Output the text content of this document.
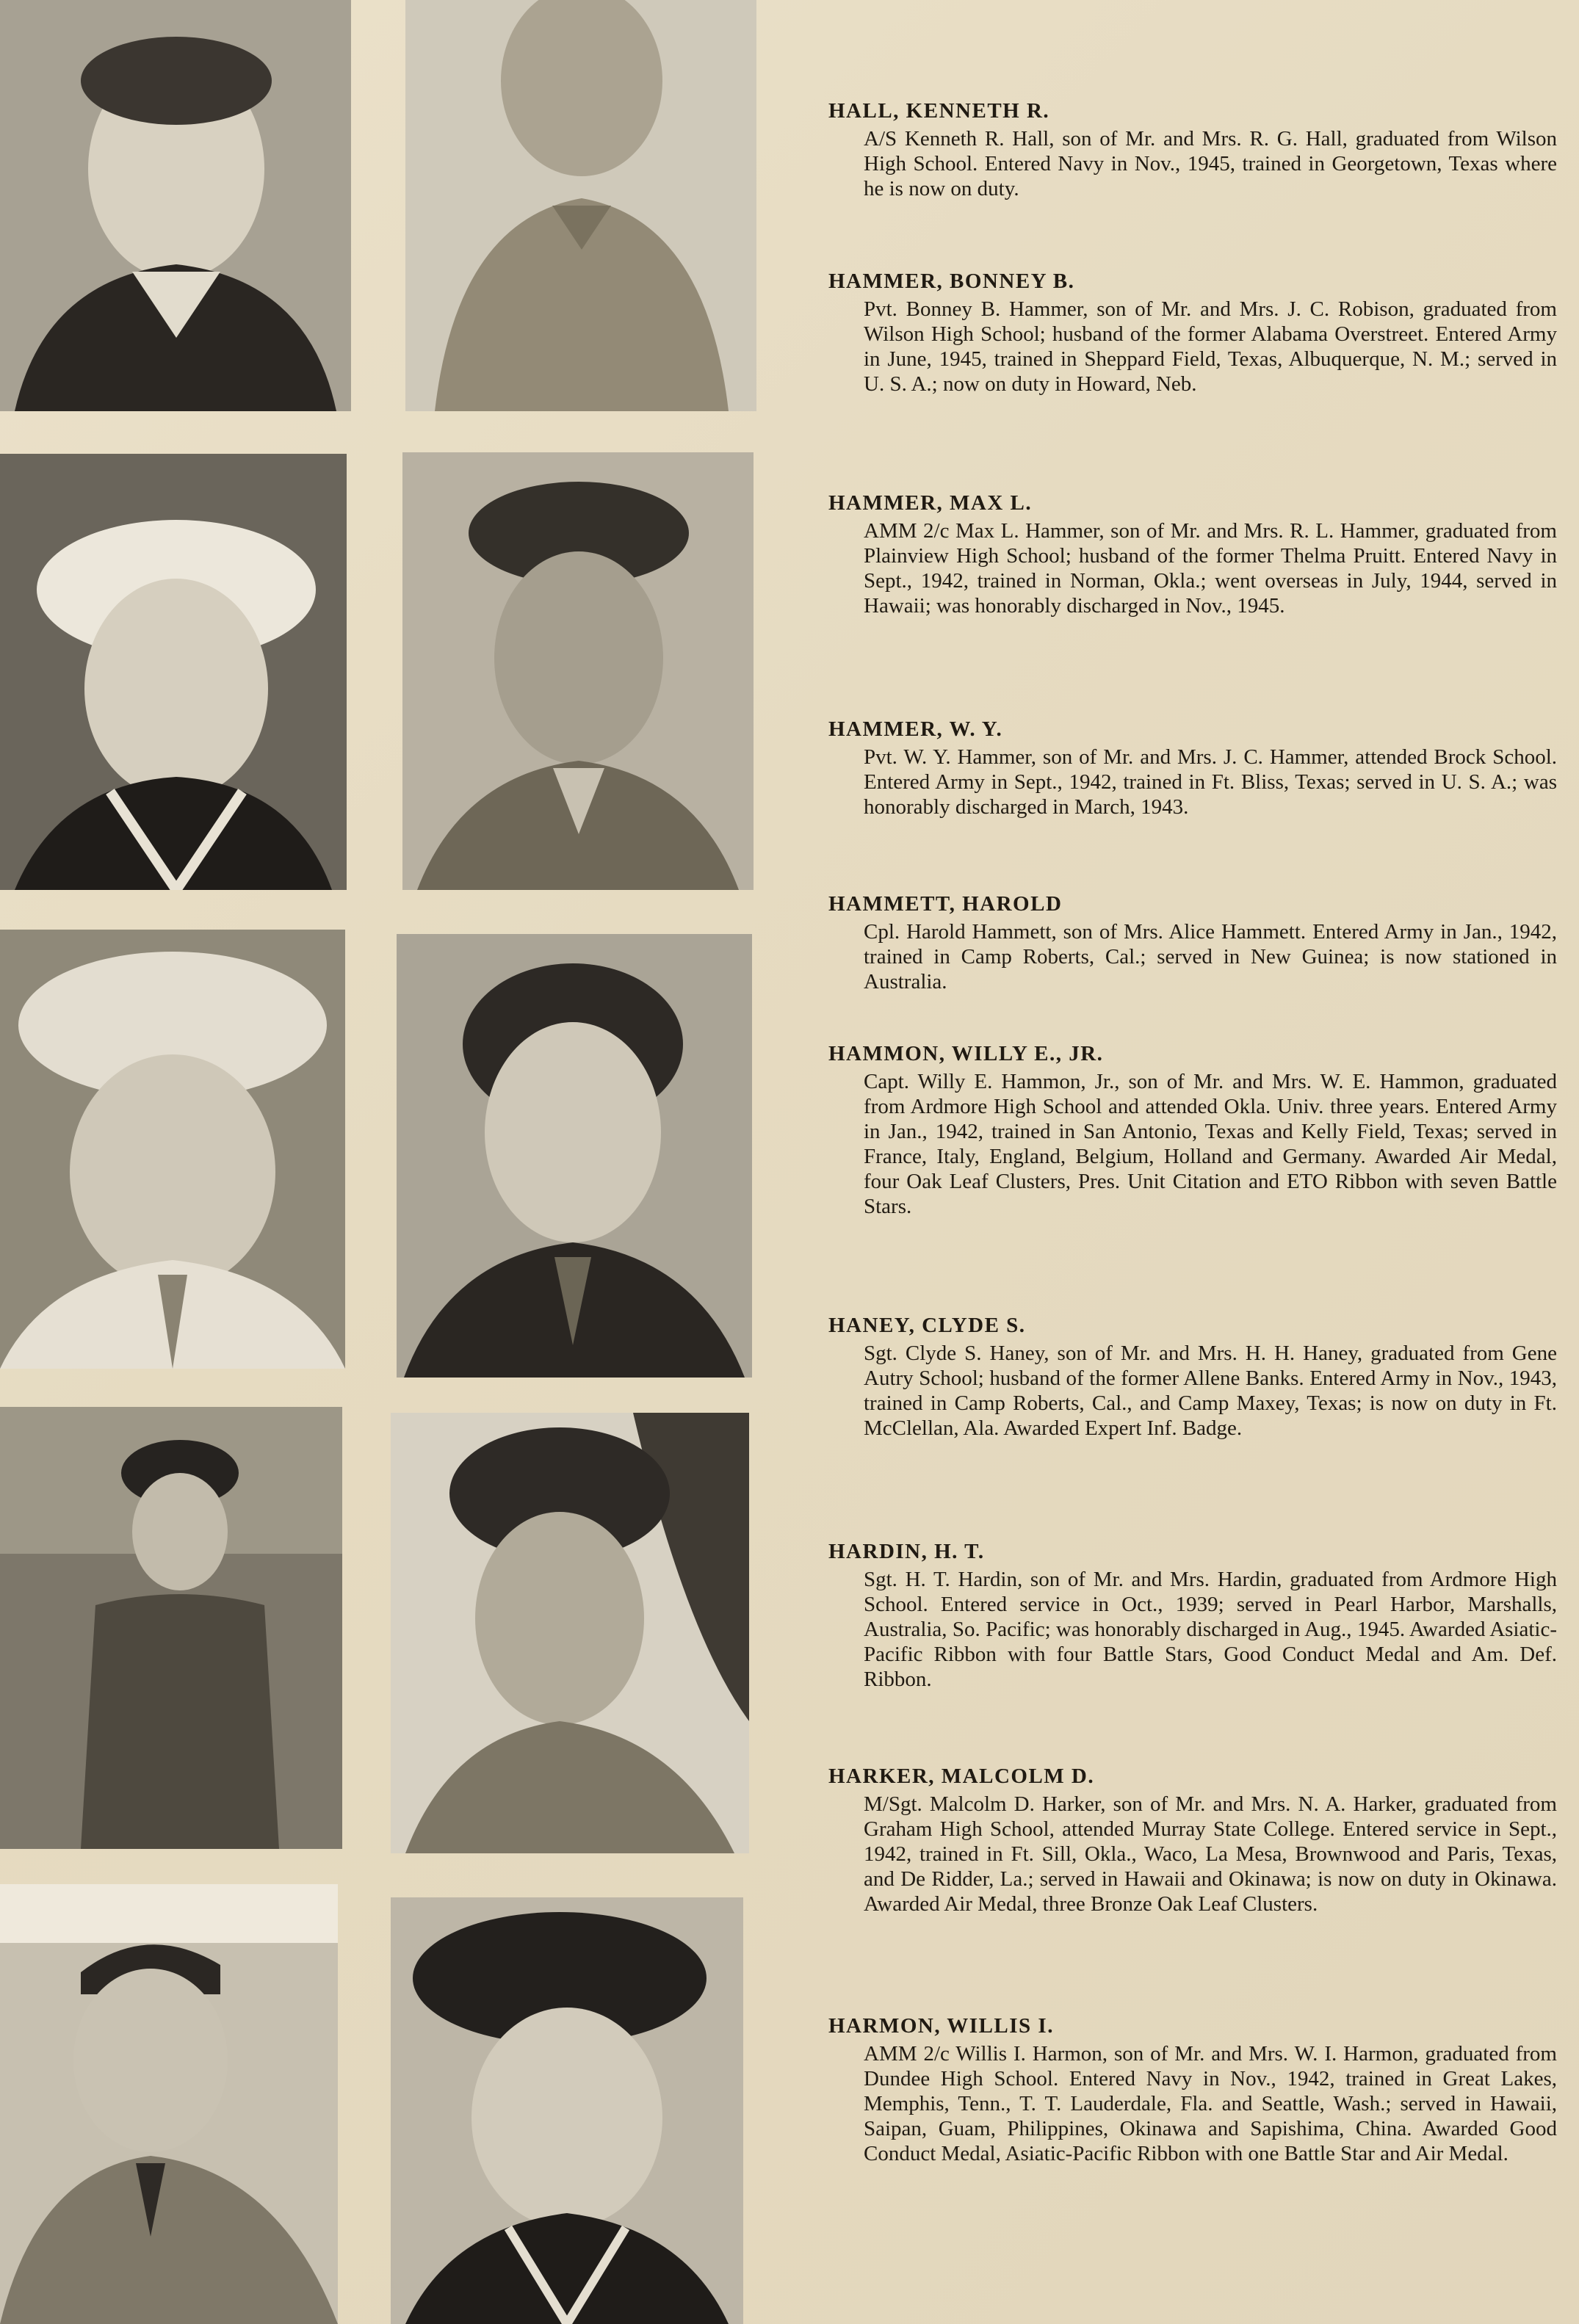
HALL, KENNETH R.
A/S Kenneth R. Hall, son of Mr. and Mrs. R. G. Hall, graduated from Wilson High School. Entered Navy in Nov., 1945, trained in Georgetown, Texas where he is now on duty.
HAMMER, BONNEY B.
Pvt. Bonney B. Hammer, son of Mr. and Mrs. J. C. Robison, graduated from Wilson High School; husband of the former Alabama Overstreet. Entered Army in June, 1945, trained in Sheppard Field, Texas, Albuquerque, N. M.; served in U. S. A.; now on duty in Howard, Neb.
HAMMER, MAX L.
AMM 2/c Max L. Hammer, son of Mr. and Mrs. R. L. Hammer, graduated from Plainview High School; husband of the former Thelma Pruitt. Entered Navy in Sept., 1942, trained in Norman, Okla.; went overseas in July, 1944, served in Hawaii; was honorably discharged in Nov., 1945.
HAMMER, W. Y.
Pvt. W. Y. Hammer, son of Mr. and Mrs. J. C. Hammer, attended Brock School. Entered Army in Sept., 1942, trained in Ft. Bliss, Texas; served in U. S. A.; was honorably discharged in March, 1943.
HAMMETT, HAROLD
Cpl. Harold Hammett, son of Mrs. Alice Hammett. Entered Army in Jan., 1942, trained in Camp Roberts, Cal.; served in New Guinea; is now stationed in Australia.
HAMMON, WILLY E., JR.
Capt. Willy E. Hammon, Jr., son of Mr. and Mrs. W. E. Hammon, graduated from Ardmore High School and attended Okla. Univ. three years. Entered Army in Jan., 1942, trained in San Antonio, Texas and Kelly Field, Texas; served in France, Italy, England, Belgium, Holland and Germany. Awarded Air Medal, four Oak Leaf Clusters, Pres. Unit Citation and ETO Ribbon with seven Battle Stars.
HANEY, CLYDE S.
Sgt. Clyde S. Haney, son of Mr. and Mrs. H. H. Haney, graduated from Gene Autry School; husband of the former Allene Banks. Entered Army in Nov., 1943, trained in Camp Roberts, Cal., and Camp Maxey, Texas; is now on duty in Ft. McClellan, Ala. Awarded Expert Inf. Badge.
HARDIN, H. T.
Sgt. H. T. Hardin, son of Mr. and Mrs. Hardin, graduated from Ardmore High School. Entered service in Oct., 1939; served in Pearl Harbor, Marshalls, Australia, So. Pacific; was honorably discharged in Aug., 1945. Awarded Asiatic-Pacific Ribbon with four Battle Stars, Good Conduct Medal and Am. Def. Ribbon.
HARKER, MALCOLM D.
M/Sgt. Malcolm D. Harker, son of Mr. and Mrs. N. A. Harker, graduated from Graham High School, attended Murray State College. Entered service in Sept., 1942, trained in Ft. Sill, Okla., Waco, La Mesa, Brownwood and Paris, Texas, and De Ridder, La.; served in Hawaii and Okinawa; is now on duty in Okinawa. Awarded Air Medal, three Bronze Oak Leaf Clusters.
HARMON, WILLIS I.
AMM 2/c Willis I. Harmon, son of Mr. and Mrs. W. I. Harmon, graduated from Dundee High School. Entered Navy in Nov., 1942, trained in Great Lakes, Memphis, Tenn., T. T. Lauderdale, Fla. and Seattle, Wash.; served in Hawaii, Saipan, Guam, Philippines, Okinawa and Sapishima, China. Awarded Good Conduct Medal, Asiatic-Pacific Ribbon with one Battle Star and Air Medal.
